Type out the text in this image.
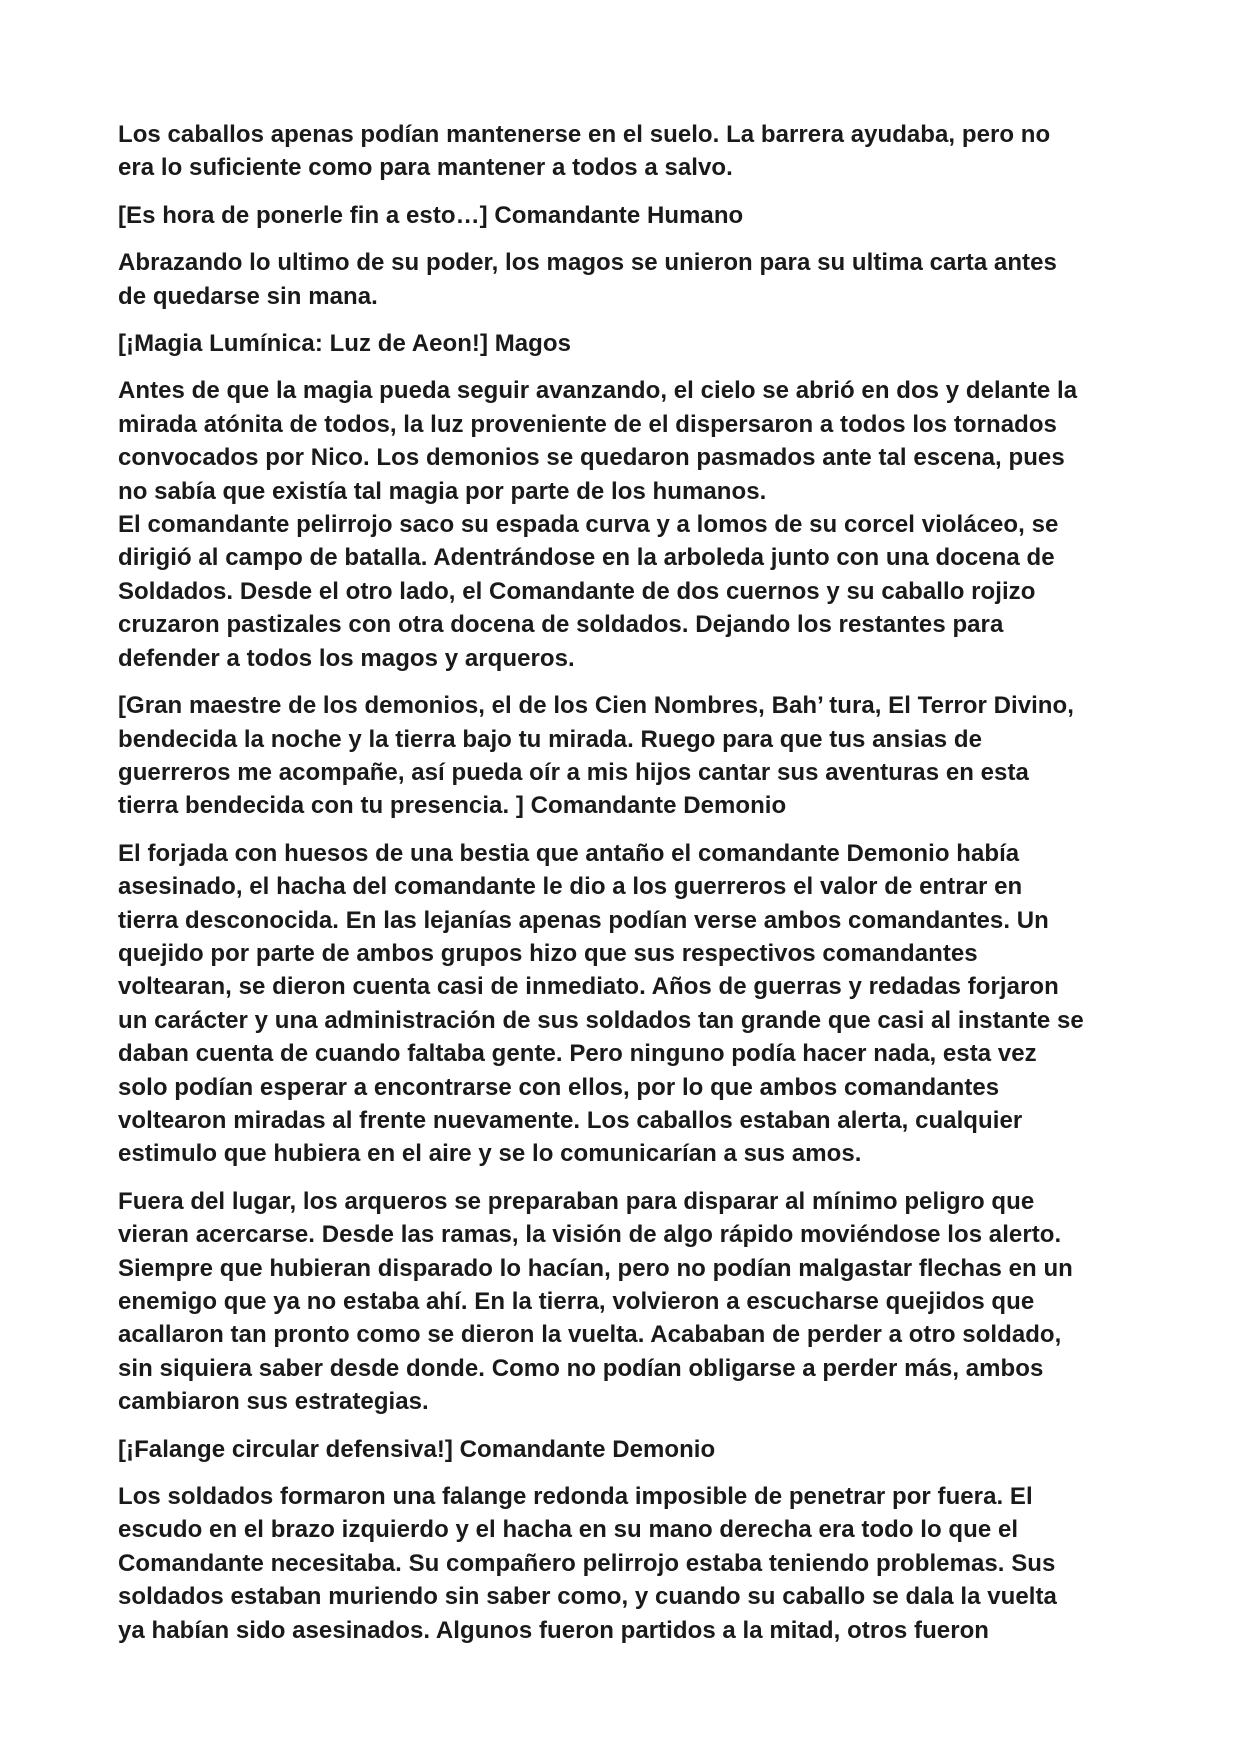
Los caballos apenas podían mantenerse en el suelo. La barrera ayudaba, pero no
era lo suficiente como para mantener a todos a salvo.

[Es hora de ponerle fin a esto…] Comandante Humano

Abrazando lo ultimo de su poder, los magos se unieron para su ultima carta antes
de quedarse sin mana.

[¡Magia Lumínica: Luz de Aeon!] Magos

Antes de que la magia pueda seguir avanzando, el cielo se abrió en dos y delante la
mirada atónita de todos, la luz proveniente de el dispersaron a todos los tornados
convocados por Nico. Los demonios se quedaron pasmados ante tal escena, pues
no sabía que existía tal magia por parte de los humanos.

El comandante pelirrojo saco su espada curva y a lomos de su corcel violáceo, se
dirigió al campo de batalla. Adentrándose en la arboleda junto con una docena de
Soldados. Desde el otro lado, el Comandante de dos cuernos y su caballo rojizo
cruzaron pastizales con otra docena de soldados. Dejando los restantes para
defender a todos los magos y arqueros.

[Gran maestre de los demonios, el de los Cien Nombres, Bah’ tura, El Terror Divino,
bendecida la noche y la tierra bajo tu mirada. Ruego para que tus ansias de
guerreros me acompañe, así pueda oír a mis hijos cantar sus aventuras en esta
tierra bendecida con tu presencia. ] Comandante Demonio

El forjada con huesos de una bestia que antaño el comandante Demonio había
asesinado, el hacha del comandante le dio a los guerreros el valor de entrar en
tierra desconocida. En las lejanías apenas podían verse ambos comandantes. Un
quejido por parte de ambos grupos hizo que sus respectivos comandantes
voltearan, se dieron cuenta casi de inmediato. Años de guerras y redadas forjaron
un carácter y una administración de sus soldados tan grande que casi al instante se
daban cuenta de cuando faltaba gente. Pero ninguno podía hacer nada, esta vez
solo podían esperar a encontrarse con ellos, por lo que ambos comandantes
voltearon miradas al frente nuevamente. Los caballos estaban alerta, cualquier
estimulo que hubiera en el aire y se lo comunicarían a sus amos.

Fuera del lugar, los arqueros se preparaban para disparar al mínimo peligro que
vieran acercarse. Desde las ramas, la visión de algo rápido moviéndose los alerto.
Siempre que hubieran disparado lo hacían, pero no podían malgastar flechas en un
enemigo que ya no estaba ahí. En la tierra, volvieron a escucharse quejidos que
acallaron tan pronto como se dieron la vuelta. Acababan de perder a otro soldado,
sin siquiera saber desde donde. Como no podían obligarse a perder más, ambos
cambiaron sus estrategias.

[¡Falange circular defensiva!] Comandante Demonio

Los soldados formaron una falange redonda imposible de penetrar por fuera. El
escudo en el brazo izquierdo y el hacha en su mano derecha era todo lo que el
Comandante necesitaba. Su compañero pelirrojo estaba teniendo problemas. Sus
soldados estaban muriendo sin saber como, y cuando su caballo se dala la vuelta
ya habían sido asesinados. Algunos fueron partidos a la mitad, otros fueron
